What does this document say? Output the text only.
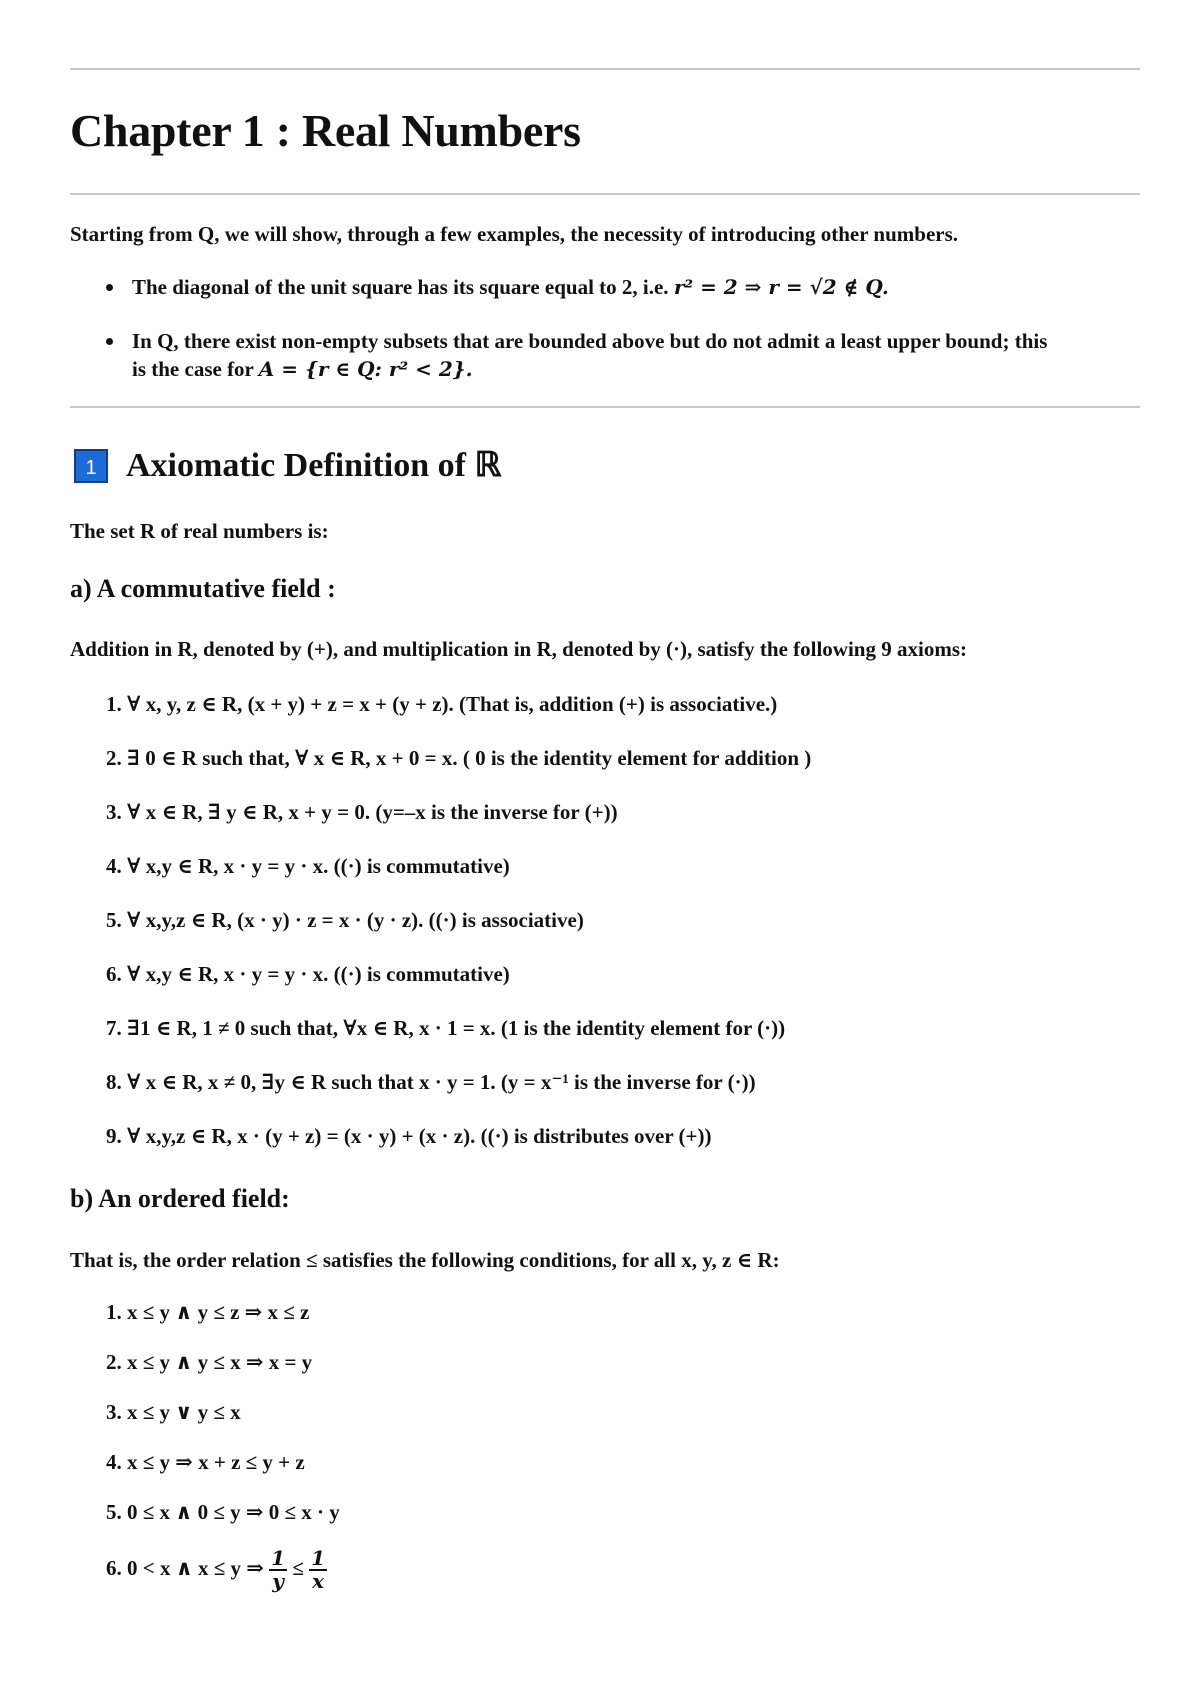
Chapter 1 : Real Numbers
Starting from Q, we will show, through a few examples, the necessity of introducing other numbers.
The diagonal of the unit square has its square equal to 2, i.e. r² = 2 ⇒ r = √2 ∉ Q.
In Q, there exist non-empty subsets that are bounded above but do not admit a least upper bound; this
is the case for A = {r ∈ Q: r² < 2}.
1 Axiomatic Definition of ℝ
The set R of real numbers is:
a) A commutative field :
Addition in R, denoted by (+), and multiplication in R, denoted by (·), satisfy the following 9 axioms:
1. ∀ x, y, z ∈ R, (x + y) + z = x + (y + z). (That is, addition (+) is associative.)
2. ∃ 0 ∈ R such that, ∀ x ∈ R, x + 0 = x. ( 0 is the identity element for addition )
3. ∀ x ∈ R, ∃ y ∈ R, x + y = 0. (y=–x is the inverse for (+))
4. ∀ x,y ∈ R, x · y = y · x. ((·) is commutative)
5. ∀ x,y,z ∈ R, (x · y) · z = x · (y · z). ((·) is associative)
6. ∀ x,y ∈ R, x · y = y · x. ((·) is commutative)
7. ∃1 ∈ R, 1 ≠ 0 such that, ∀x ∈ R, x · 1 = x. (1 is the identity element for (·))
8. ∀ x ∈ R, x ≠ 0, ∃y ∈ R such that x · y = 1. (y = x⁻¹ is the inverse for (·))
9. ∀ x,y,z ∈ R, x · (y + z) = (x · y) + (x · z). ((·) is distributes over (+))
b) An ordered field:
That is, the order relation ≤ satisfies the following conditions, for all x, y, z ∈ R:
1. x ≤ y ∧ y ≤ z ⇒ x ≤ z
2. x ≤ y ∧ y ≤ x ⇒ x = y
3. x ≤ y ∨ y ≤ x
4. x ≤ y ⇒ x + z ≤ y + z
5. 0 ≤ x ∧ 0 ≤ y ⇒ 0 ≤ x · y
6. 0 < x ∧ x ≤ y ⇒ $\frac{1}{y} \le \frac{1}{x}$
